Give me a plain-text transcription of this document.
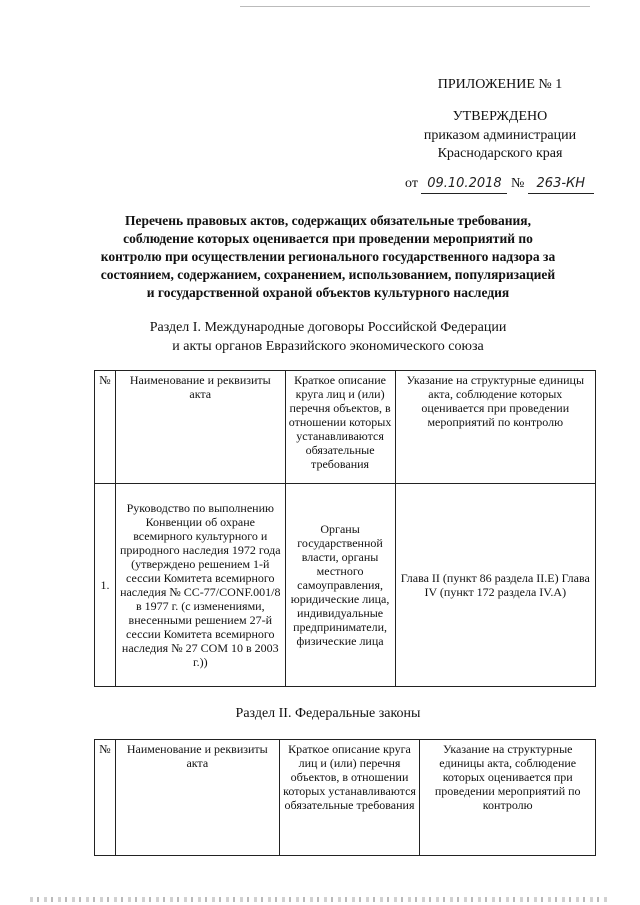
ПРИЛОЖЕНИЕ № 1
УТВЕРЖДЕНО
приказом администрации
Краснодарского края
от 09.10.2018 № 263-КН
Перечень правовых актов, содержащих обязательные требования,
соблюдение которых оценивается при проведении мероприятий по
контролю при осуществлении регионального государственного надзора за
состоянием, содержанием, сохранением, использованием, популяризацией
и государственной охраной объектов культурного наследия
Раздел I. Международные договоры Российской Федерации
и акты органов Евразийского экономического союза
№	Наименование и реквизиты акта	Краткое описание круга лиц и (или) перечня объектов, в отношении которых устанавливаются обязательные требования	Указание на структурные единицы акта, соблюдение которых оценивается при проведении мероприятий по контролю
1.	Руководство по выполнению Конвенции об охране всемирного культурного и природного наследия 1972 года (утверждено решением 1-й сессии Комитета всемирного наследия № CC-77/CONF.001/8 в 1977 г. (с изменениями, внесенными решением 27-й сессии Комитета всемирного наследия № 27 COM 10 в 2003 г.))	Органы государственной власти, органы местного самоуправления, юридические лица, индивидуальные предприниматели, физические лица	Глава II (пункт 86 раздела II.E) Глава IV (пункт 172 раздела IV.A)
Раздел II. Федеральные законы
№	Наименование и реквизиты акта	Краткое описание круга лиц и (или) перечня объектов, в отношении которых устанавливаются обязательные требования	Указание на структурные единицы акта, соблюдение которых оценивается при проведении мероприятий по контролю
